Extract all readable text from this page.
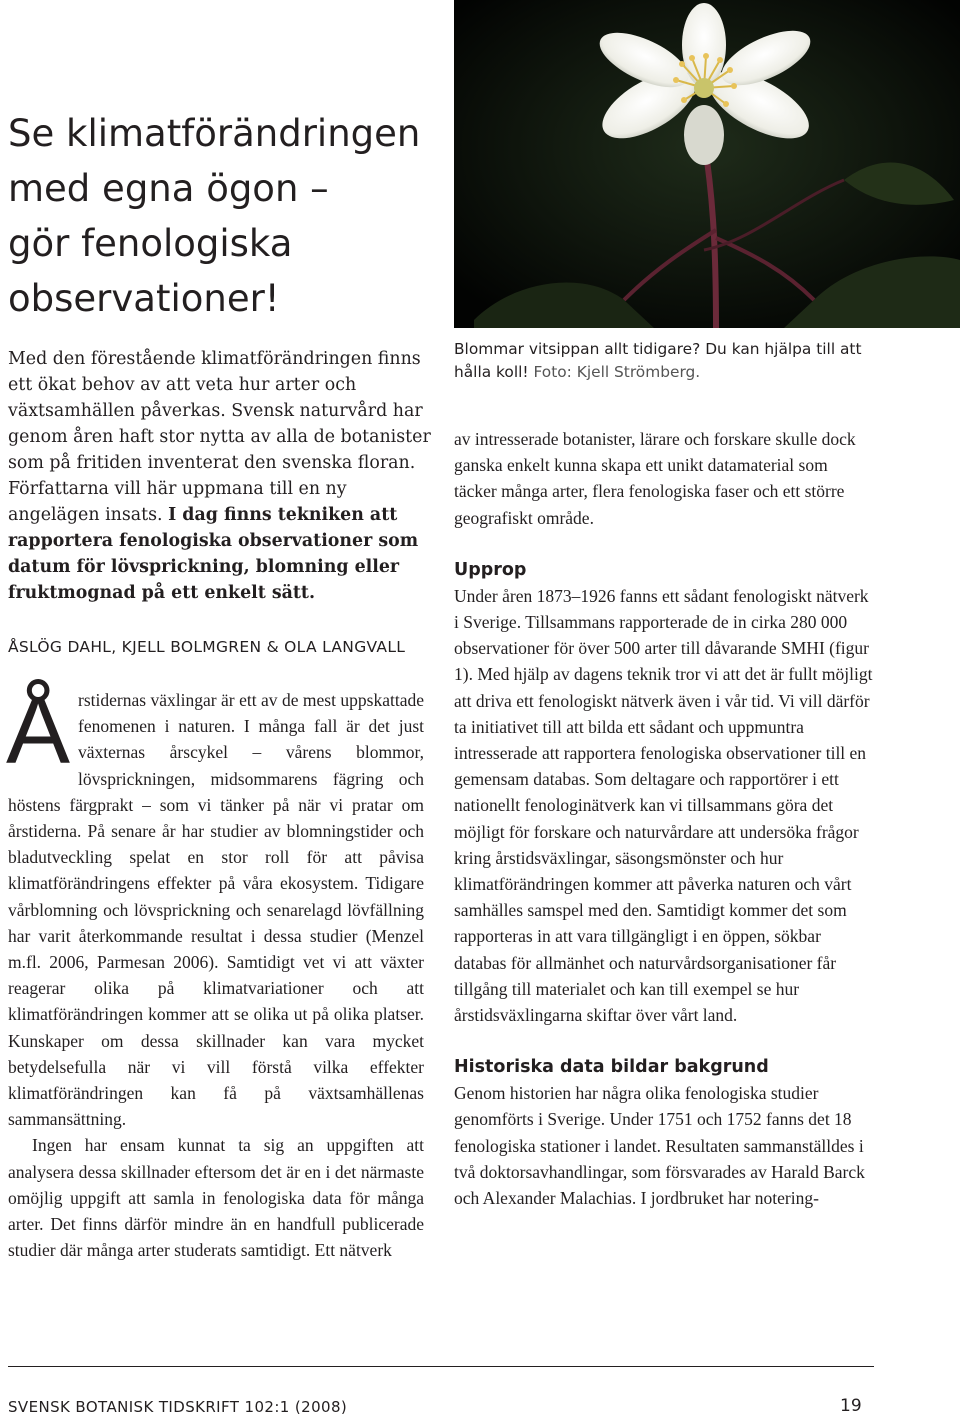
Se klimatförändringen
med egna ögon –
gör fenologiska
observationer!

Med den förestående klimatförändringen finns ett ökat behov av att veta hur arter och växtsamhällen påverkas. Svensk naturvård har genom åren haft stor nytta av alla de botanister som på fritiden inventerat den svenska floran. Författarna vill här uppmana till en ny angelägen insats. I dag finns tekniken att rapportera fenologiska observationer som datum för lövsprickning, blomning eller fruktmognad på ett enkelt sätt.

ÅSLÖG DAHL, KJELL BOLMGREN & OLA LANGVALL

Årstidernas växlingar är ett av de mest uppskattade fenomenen i naturen. I många fall är det just växternas årscykel – vårens blommor, lövsprickningen, midsommarens fägring och höstens färgprakt – som vi tänker på när vi pratar om årstiderna. På senare år har studier av blomningstider och bladutveckling spelat en stor roll för att påvisa klimatförändringens effekter på våra ekosystem. Tidigare vårblomning och lövsprickning och senarelagd lövfällning har varit återkommande resultat i dessa studier (Menzel m.fl. 2006, Parmesan 2006). Samtidigt vet vi att växter reagerar olika på klimatvariationer och att klimatförändringen kommer att se olika ut på olika platser. Kunskaper om dessa skillnader kan vara mycket betydelsefulla när vi vill förstå vilka effekter klimatförändringen kan få på växtsamhällenas sammansättning.

Ingen har ensam kunnat ta sig an uppgiften att analysera dessa skillnader eftersom det är en i det närmaste omöjlig uppgift att samla in fenologiska data för många arter. Det finns därför mindre än en handfull publicerade studier där många arter studerats samtidigt. Ett nätverk

Blommar vitsippan allt tidigare? Du kan hjälpa till att hålla koll! Foto: Kjell Strömberg.

av intresserade botanister, lärare och forskare skulle dock ganska enkelt kunna skapa ett unikt datamaterial som täcker många arter, flera fenologiska faser och ett större geografiskt område.

Upprop

Under åren 1873–1926 fanns ett sådant fenologiskt nätverk i Sverige. Tillsammans rapporterade de in cirka 280 000 observationer för över 500 arter till dåvarande SMHI (figur 1). Med hjälp av dagens teknik tror vi att det är fullt möjligt att driva ett fenologiskt nätverk även i vår tid. Vi vill därför ta initiativet till att bilda ett sådant och uppmuntra intresserade att rapportera fenologiska observationer till en gemensam databas. Som deltagare och rapportörer i ett nationellt fenologinätverk kan vi tillsammans göra det möjligt för forskare och naturvårdare att undersöka frågor kring årstidsväxlingar, säsongsmönster och hur klimatförändringen kommer att påverka naturen och vårt samhälles samspel med den. Samtidigt kommer det som rapporteras in att vara tillgängligt i en öppen, sökbar databas för allmänhet och naturvårdsorganisationer får tillgång till materialet och kan till exempel se hur årstidsväxlingarna skiftar över vårt land.

Historiska data bildar bakgrund

Genom historien har några olika fenologiska studier genomförts i Sverige. Under 1751 och 1752 fanns det 18 fenologiska stationer i landet. Resultaten sammanställdes i två doktorsavhandlingar, som försvarades av Harald Barck och Alexander Malachias. I jordbruket har notering-

SVENSK BOTANISK TIDSKRIFT 102:1 (2008)	19
